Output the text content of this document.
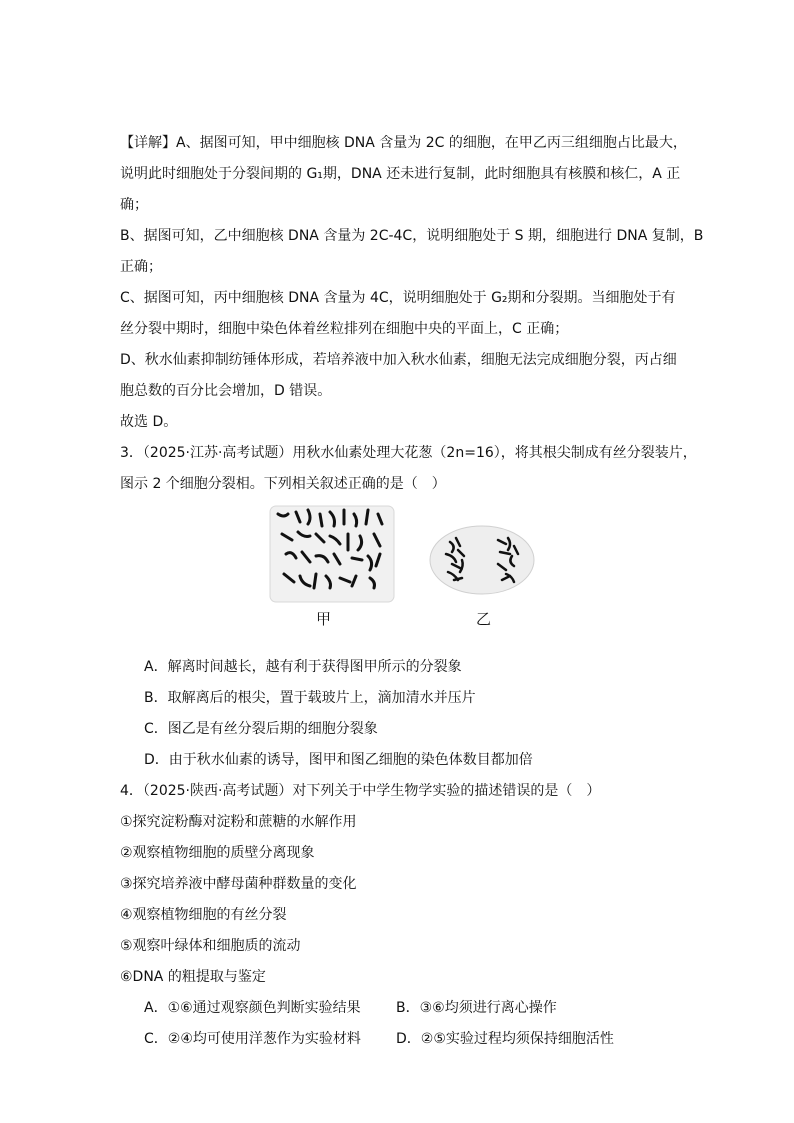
【详解】A、据图可知，甲中细胞核 DNA 含量为 2C 的细胞，在甲乙丙三组细胞占比最大，
说明此时细胞处于分裂间期的 G₁期，DNA 还未进行复制，此时细胞具有核膜和核仁，A 正
确；
B、据图可知，乙中细胞核 DNA 含量为 2C-4C，说明细胞处于 S 期，细胞进行 DNA 复制，B
正确；
C、据图可知，丙中细胞核 DNA 含量为 4C，说明细胞处于 G₂期和分裂期。当细胞处于有
丝分裂中期时，细胞中染色体着丝粒排列在细胞中央的平面上，C 正确；
D、秋水仙素抑制纺锤体形成，若培养液中加入秋水仙素，细胞无法完成细胞分裂，丙占细
胞总数的百分比会增加，D 错误。
故选 D。
3．（2025·江苏·高考试题）用秋水仙素处理大花葱（2n=16），将其根尖制成有丝分裂装片，
图示 2 个细胞分裂相。下列相关叙述正确的是（　）
甲	乙
A．解离时间越长，越有利于获得图甲所示的分裂象
B．取解离后的根尖，置于载玻片上，滴加清水并压片
C．图乙是有丝分裂后期的细胞分裂象
D．由于秋水仙素的诱导，图甲和图乙细胞的染色体数目都加倍
4．（2025·陕西·高考试题）对下列关于中学生物学实验的描述错误的是（　）
①探究淀粉酶对淀粉和蔗糖的水解作用
②观察植物细胞的质壁分离现象
③探究培养液中酵母菌种群数量的变化
④观察植物细胞的有丝分裂
⑤观察叶绿体和细胞质的流动
⑥DNA 的粗提取与鉴定
A．①⑥通过观察颜色判断实验结果	B．③⑥均须进行离心操作
C．②④均可使用洋葱作为实验材料	D．②⑤实验过程均须保持细胞活性
